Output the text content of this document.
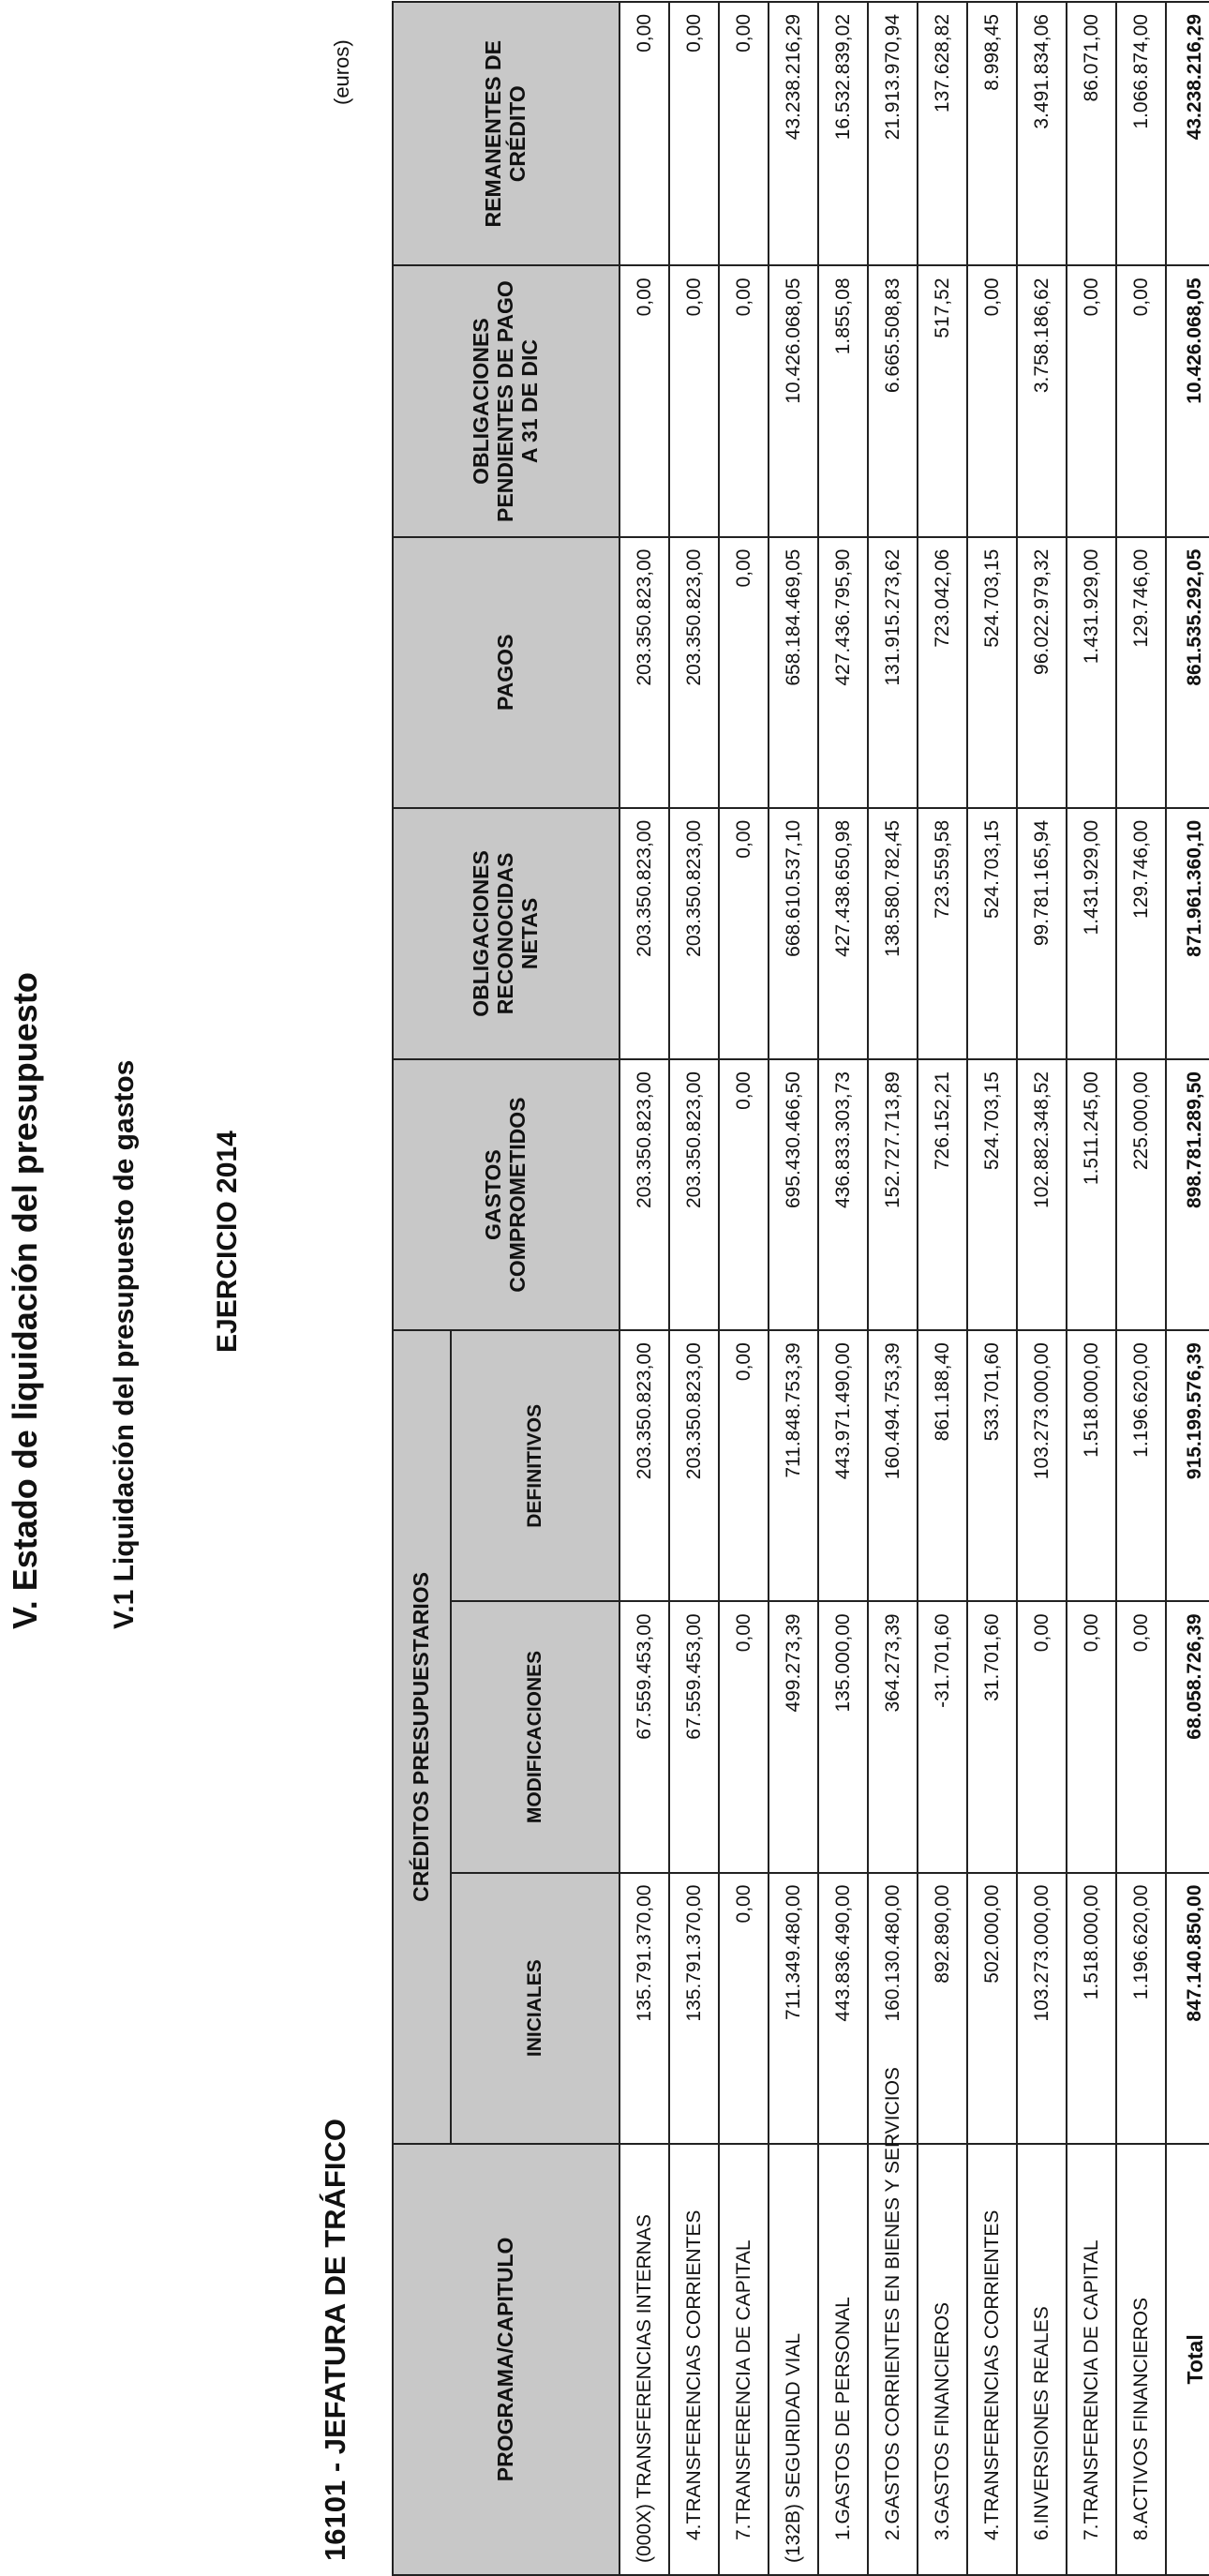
V. Estado de liquidación del presupuesto V.1 Liquidación del presupuesto de gastos	EJERCICIO 2014
16101 - JEFATURA DE TRÁFICO
(euros)
PROGRAMA/CAPITULO	CRÉDITOS PRESUPUESTARIOS			GASTOS COMPROMETIDOS	OBLIGACIONES RECONOCIDAS NETAS	PAGOS	OBLIGACIONES PENDIENTES DE PAGO A 31 DE DIC	REMANENTES DE CRÉDITO
	INICIALES	MODIFICACIONES	DEFINITIVOS					
(000X) TRANSFERENCIAS INTERNAS	135.791.370,00	67.559.453,00	203.350.823,00	203.350.823,00	203.350.823,00	203.350.823,00	0,00	0,00
4.TRANSFERENCIAS CORRIENTES	135.791.370,00	67.559.453,00	203.350.823,00	203.350.823,00	203.350.823,00	203.350.823,00	0,00	0,00
7.TRANSFERENCIA DE CAPITAL	0,00	0,00	0,00	0,00	0,00	0,00	0,00	0,00
(132B) SEGURIDAD VIAL	711.349.480,00	499.273,39	711.848.753,39	695.430.466,50	668.610.537,10	658.184.469,05	10.426.068,05	43.238.216,29
1.GASTOS DE PERSONAL	443.836.490,00	135.000,00	443.971.490,00	436.833.303,73	427.438.650,98	427.436.795,90	1.855,08	16.532.839,02
2.GASTOS CORRIENTES EN BIENES Y SERVICIOS	160.130.480,00	364.273,39	160.494.753,39	152.727.713,89	138.580.782,45	131.915.273,62	6.665.508,83	21.913.970,94
3.GASTOS FINANCIEROS	892.890,00	-31.701,60	861.188,40	726.152,21	723.559,58	723.042,06	517,52	137.628,82
4.TRANSFERENCIAS CORRIENTES	502.000,00	31.701,60	533.701,60	524.703,15	524.703,15	524.703,15	0,00	8.998,45
6.INVERSIONES REALES	103.273.000,00	0,00	103.273.000,00	102.882.348,52	99.781.165,94	96.022.979,32	3.758.186,62	3.491.834,06
7.TRANSFERENCIA DE CAPITAL	1.518.000,00	0,00	1.518.000,00	1.511.245,00	1.431.929,00	1.431.929,00	0,00	86.071,00
8.ACTIVOS FINANCIEROS	1.196.620,00	0,00	1.196.620,00	225.000,00	129.746,00	129.746,00	0,00	1.066.874,00
Total	847.140.850,00	68.058.726,39	915.199.576,39	898.781.289,50	871.961.360,10	861.535.292,05	10.426.068,05	43.238.216,29
